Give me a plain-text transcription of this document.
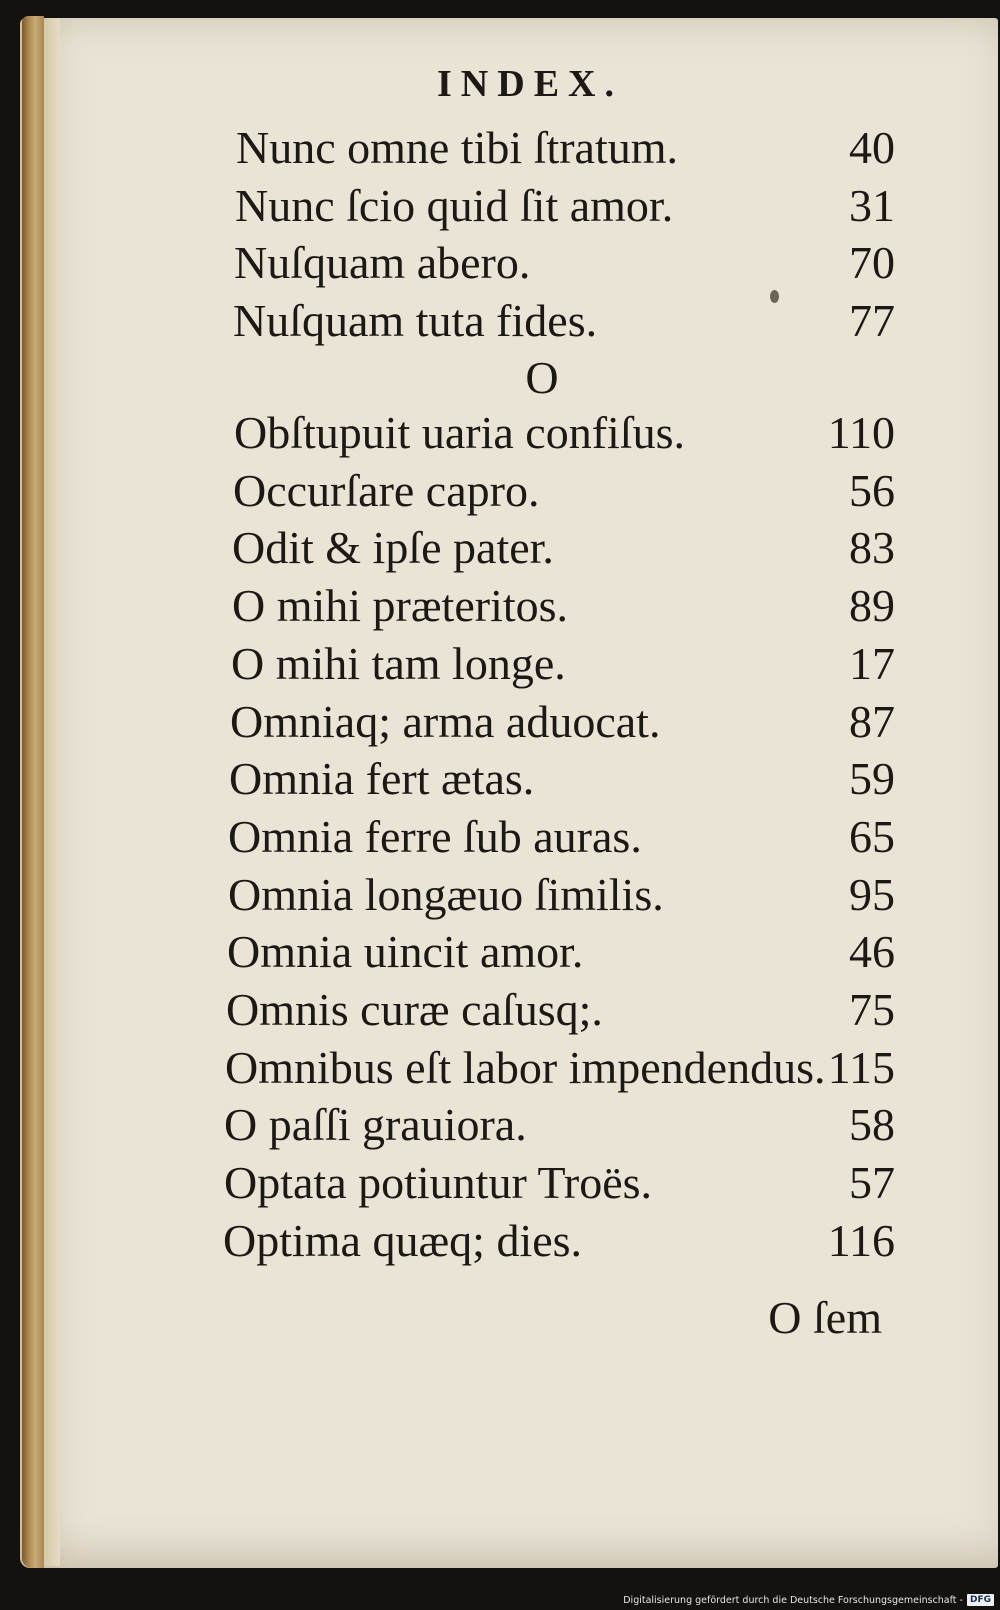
INDEX.
O
Nunc omne tibi ſtratum.	40
Nunc ſcio quid ſit amor.	31
Nuſquam abero.	70
Nuſquam tuta fides.	77
Obſtupuit uaria confiſus.	110
Occurſare capro.	56
Odit & ipſe pater.	83
O mihi præteritos.	89
O mihi tam longe.	17
Omniaq; arma aduocat.	87
Omnia fert ætas.	59
Omnia ferre ſub auras.	65
Omnia longæuo ſimilis.	95
Omnia uincit amor.	46
Omnis curæ caſusq;.	75
Omnibus eſt labor impendendus. 115
O paſſi grauiora.	58
Optata potiuntur Troës.	57
Optima quæq; dies.	116
O ſem
Digitalisierung gefördert durch die Deutsche Forschungsgemeinschaft - DFG
